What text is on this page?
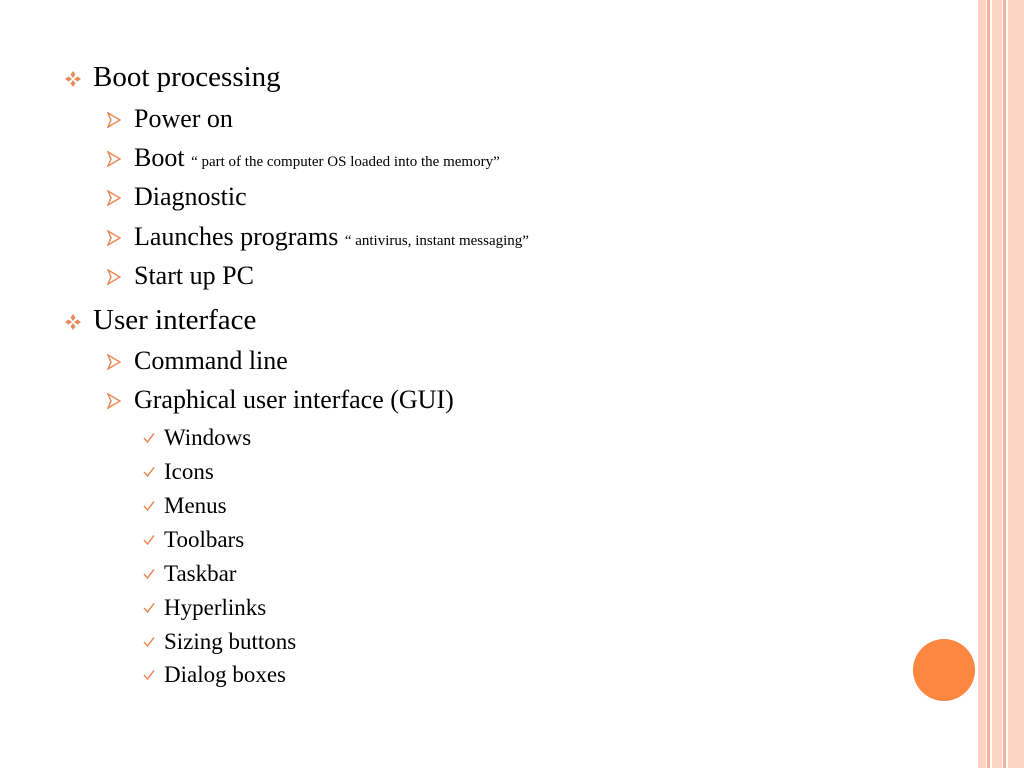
Boot processing
Power on
Boot “ part of the computer OS loaded into the memory”
Diagnostic
Launches programs “ antivirus, instant messaging”
Start up PC
User interface
Command line
Graphical user interface (GUI)
Windows
Icons
Menus
Toolbars
Taskbar
Hyperlinks
Sizing buttons
Dialog boxes
